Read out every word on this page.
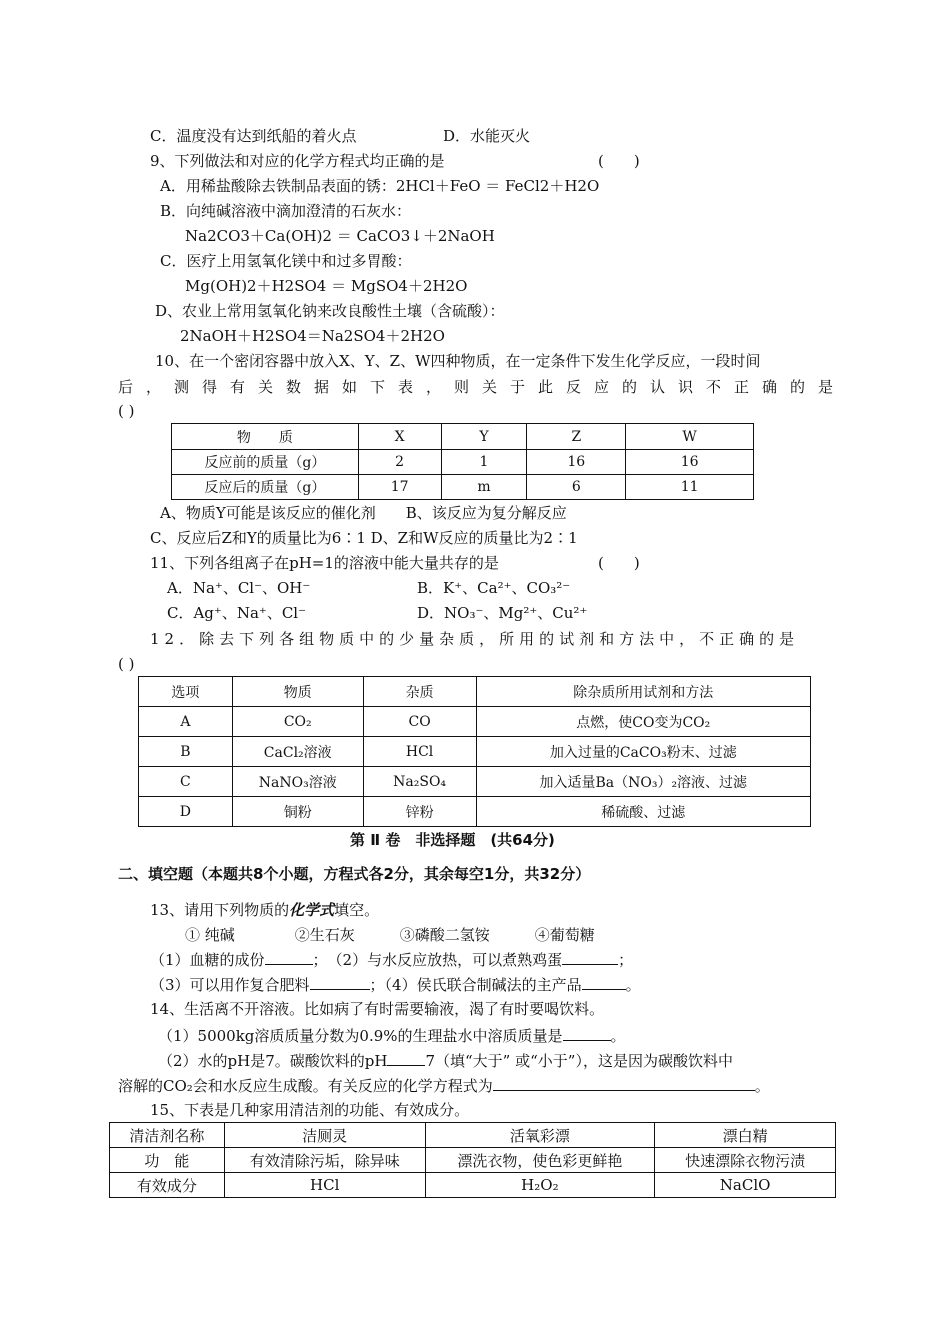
C．温度没有达到纸船的着火点	D．水能灭火
9、下列做法和对应的化学方程式均正确的是	(　　)
A．用稀盐酸除去铁制品表面的锈：2HCl＋FeO ＝ FeCl2＋H2O
B．向纯碱溶液中滴加澄清的石灰水：
Na2CO3＋Ca(OH)2 ＝ CaCO3↓＋2NaOH
C．医疗上用氢氧化镁中和过多胃酸：
Mg(OH)2＋H2SO4 ＝ MgSO4＋2H2O
D、农业上常用氢氧化钠来改良酸性土壤（含硫酸）：
2NaOH＋H2SO4＝Na2SO4＋2H2O
10、在一个密闭容器中放入X、Y、Z、W四种物质，在一定条件下发生化学反应，一段时间
后，测得有关数据如下表，则关于此反应的认识不正确的是
( )
物　　质	X	Y	Z	W
反应前的质量（g）	2	1	16	16
反应后的质量（g）	17	m	6	11
A、物质Y可能是该反应的催化剂　　B、该反应为复分解反应
C、反应后Z和Y的质量比为6∶1 D、Z和W反应的质量比为2∶1
11、下列各组离子在pH=1的溶液中能大量共存的是	(　　)
A．Na⁺、Cl⁻、OH⁻	B．K⁺、Ca²⁺、CO₃²⁻
C．Ag⁺、Na⁺、Cl⁻	D．NO₃⁻、Mg²⁺、Cu²⁺
12．除去下列各组物质中的少量杂质，所用的试剂和方法中，不正确的是
( )
选项	物质	杂质	除杂质所用试剂和方法
A	CO₂	CO	点燃，使CO变为CO₂
B	CaCl₂溶液	HCl	加入过量的CaCO₃粉末、过滤
C	NaNO₃溶液	Na₂SO₄	加入适量Ba（NO₃）₂溶液、过滤
D	铜粉	锌粉	稀硫酸、过滤
第 Ⅱ 卷　非选择题　(共64分)
二、填空题（本题共8个小题，方程式各2分，其余每空1分，共32分）
13、请用下列物质的化学式填空。
① 纯碱　　　　②生石灰　　　③磷酸二氢铵　　　④葡萄糖
（1）血糖的成份	；　（2）与水反应放热，可以煮熟鸡蛋	；
（3）可以用作复合肥料	；（4）侯氏联合制碱法的主产品	。
14、生活离不开溶液。比如病了有时需要输液，渴了有时要喝饮料。
（1）5000kg溶质质量分数为0.9%的生理盐水中溶质质量是	。
（2）水的pH是7。碳酸饮料的pH	7（填“大于” 或“小于”），这是因为碳酸饮料中
溶解的CO₂会和水反应生成酸。有关反应的化学方程式为	。
15、下表是几种家用清洁剂的功能、有效成分。
清洁剂名称	洁厕灵	活氧彩漂	漂白精
功　能	有效清除污垢，除异味	漂洗衣物，使色彩更鲜艳	快速漂除衣物污渍
有效成分	HCl	H₂O₂	NaClO
